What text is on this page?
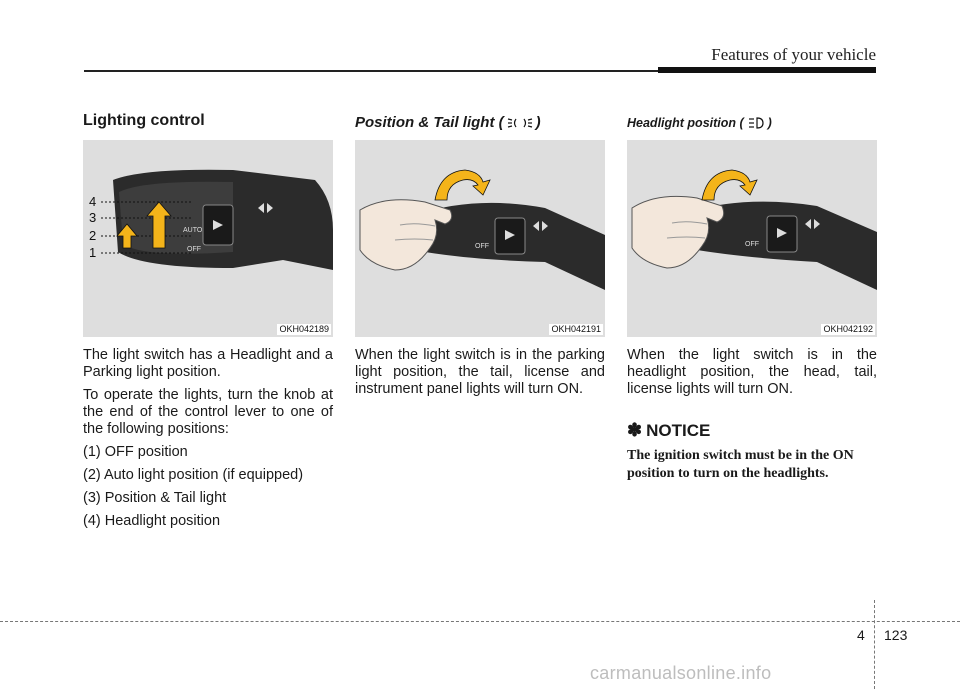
Features of your vehicle
Lighting control
AUTO
OFF
4
3
2
1
OKH042189

The light switch has a Headlight and a Parking light position.

To operate the lights, turn the knob at the end of the control lever to one of the following positions:

(1) OFF position
(2) Auto light position (if equipped)
(3) Position & Tail light
(4) Headlight position
Position & Tail light ( )
OFF
OKH042191

When the light switch is in the parking light position, the tail, license and instrument panel lights will turn ON.

Headlight position ( )
OFF
OKH042192

When the light switch is in the headlight position, the head, tail, license lights will turn ON.

✽ NOTICE
The ignition switch must be in the ON position to turn on the headlights.
4 123
carmanualsonline.info
